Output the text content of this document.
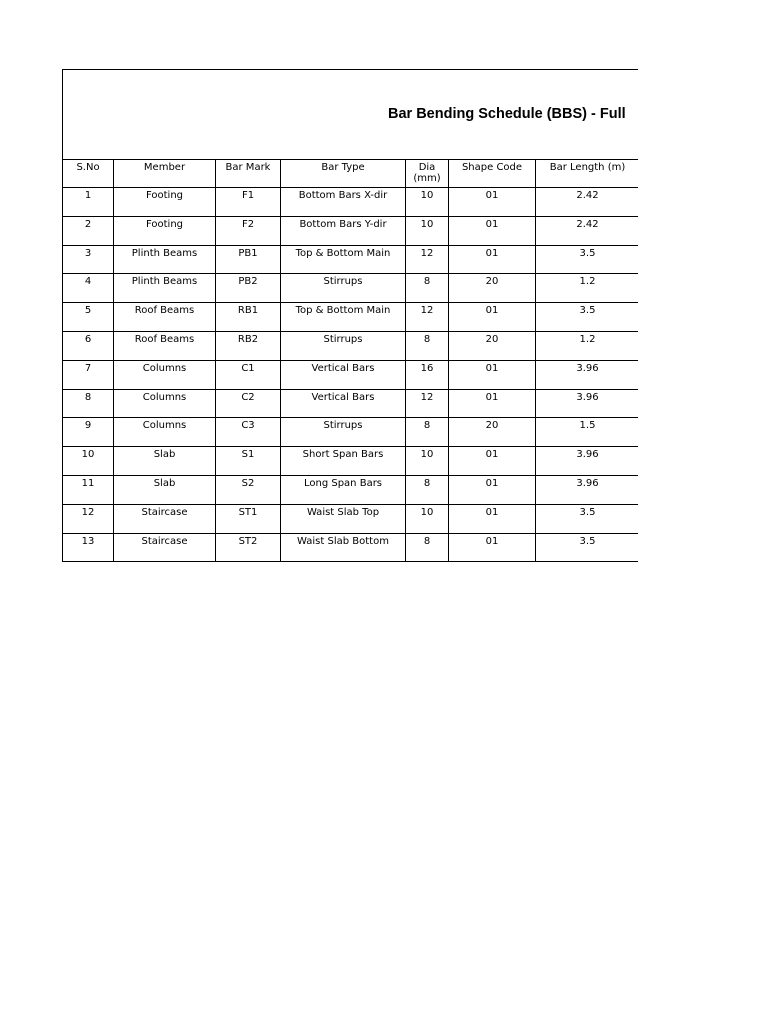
Bar Bending Schedule (BBS) - Full
S.No	Member	Bar Mark	Bar Type	Dia (mm)	Shape Code	Bar Length (m)
1	Footing	F1	Bottom Bars X-dir	10	01	2.42
2	Footing	F2	Bottom Bars Y-dir	10	01	2.42
3	Plinth Beams	PB1	Top & Bottom Main	12	01	3.5
4	Plinth Beams	PB2	Stirrups	8	20	1.2
5	Roof Beams	RB1	Top & Bottom Main	12	01	3.5
6	Roof Beams	RB2	Stirrups	8	20	1.2
7	Columns	C1	Vertical Bars	16	01	3.96
8	Columns	C2	Vertical Bars	12	01	3.96
9	Columns	C3	Stirrups	8	20	1.5
10	Slab	S1	Short Span Bars	10	01	3.96
11	Slab	S2	Long Span Bars	8	01	3.96
12	Staircase	ST1	Waist Slab Top	10	01	3.5
13	Staircase	ST2	Waist Slab Bottom	8	01	3.5
